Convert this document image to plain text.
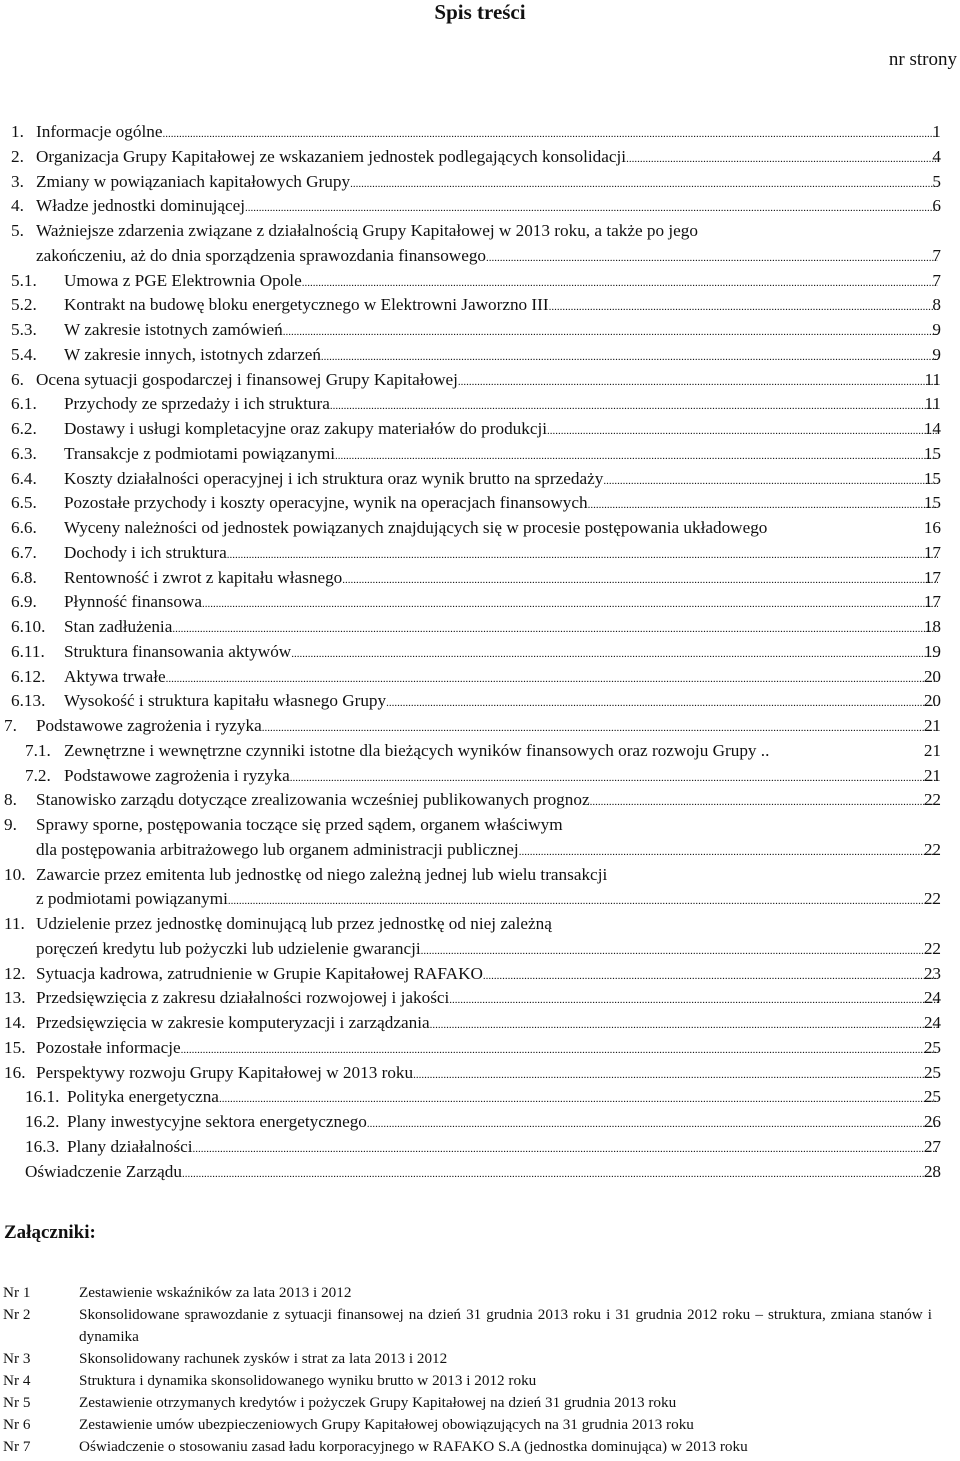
Spis treści
nr strony
1. Informacje ogólne .....	1
2. Organizacja Grupy Kapitałowej ze wskazaniem jednostek podlegających konsolidacji .....	4
3. Zmiany w powiązaniach kapitałowych Grupy .....	5
4. Władze jednostki dominującej .....	6
5. Ważniejsze zdarzenia związane z działalnością Grupy Kapitałowej w 2013 roku, a także po jego
zakończeniu, aż do dnia sporządzenia sprawozdania finansowego .....	7
5.1. Umowa z PGE Elektrownia Opole .....	7
5.2. Kontrakt na budowę bloku energetycznego w Elektrowni Jaworzno III .....	8
5.3. W zakresie istotnych zamówień .....	9
5.4. W zakresie innych, istotnych zdarzeń .....	9
6. Ocena sytuacji gospodarczej i finansowej Grupy Kapitałowej .....	11
6.1. Przychody ze sprzedaży i ich struktura .....	11
6.2. Dostawy i usługi kompletacyjne oraz zakupy materiałów do produkcji .....	14
6.3. Transakcje z podmiotami powiązanymi .....	15
6.4. Koszty działalności operacyjnej i ich struktura oraz wynik brutto na sprzedaży .....	15
6.5. Pozostałe przychody i koszty operacyjne, wynik na operacjach finansowych .....	15
6.6. Wyceny należności od jednostek powiązanych znajdujących się w procesie postępowania układowego	16
6.7. Dochody i ich struktura .....	17
6.8. Rentowność i zwrot z kapitału własnego .....	17
6.9. Płynność finansowa .....	17
6.10. Stan zadłużenia .....	18
6.11. Struktura finansowania aktywów .....	19
6.12. Aktywa trwałe .....	20
6.13. Wysokość i struktura kapitału własnego Grupy .....	20
7. Podstawowe zagrożenia i ryzyka .....	21
7.1. Zewnętrzne i wewnętrzne czynniki istotne dla bieżących wyników finansowych oraz rozwoju Grupy ..	21
7.2. Podstawowe zagrożenia i ryzyka .....	21
8. Stanowisko zarządu dotyczące zrealizowania wcześniej publikowanych prognoz .....	22
9. Sprawy sporne, postępowania toczące się przed sądem, organem właściwym
dla postępowania arbitrażowego lub organem administracji publicznej .....	22
10. Zawarcie przez emitenta lub jednostkę od niego zależną jednej lub wielu transakcji
z podmiotami powiązanymi .....	22
11. Udzielenie przez jednostkę dominującą lub przez jednostkę od niej zależną
poręczeń kredytu lub pożyczki lub udzielenie gwarancji .....	22
12. Sytuacja kadrowa, zatrudnienie w Grupie Kapitałowej RAFAKO .....	23
13. Przedsięwzięcia z zakresu działalności rozwojowej i jakości .....	24
14. Przedsięwzięcia w zakresie komputeryzacji i zarządzania .....	24
15. Pozostałe informacje .....	25
16. Perspektywy rozwoju Grupy Kapitałowej w 2013 roku .....	25
16.1. Polityka energetyczna .....	25
16.2. Plany inwestycyjne sektora energetycznego .....	26
16.3. Plany działalności .....	27
Oświadczenie Zarządu .....	28
Załączniki:
Nr 1	Zestawienie wskaźników za lata 2013 i 2012
Nr 2	Skonsolidowane sprawozdanie z sytuacji finansowej na dzień 31 grudnia 2013 roku i 31 grudnia 2012 roku – struktura, zmiana stanów i dynamika
Nr 3	Skonsolidowany rachunek zysków i strat za lata 2013 i 2012
Nr 4	Struktura i dynamika skonsolidowanego wyniku brutto w 2013 i 2012 roku
Nr 5	Zestawienie otrzymanych kredytów i pożyczek Grupy Kapitałowej na dzień 31 grudnia 2013 roku
Nr 6	Zestawienie umów ubezpieczeniowych Grupy Kapitałowej obowiązujących na 31 grudnia 2013 roku
Nr 7	Oświadczenie o stosowaniu zasad ładu korporacyjnego w RAFAKO S.A (jednostka dominująca) w 2013 roku
